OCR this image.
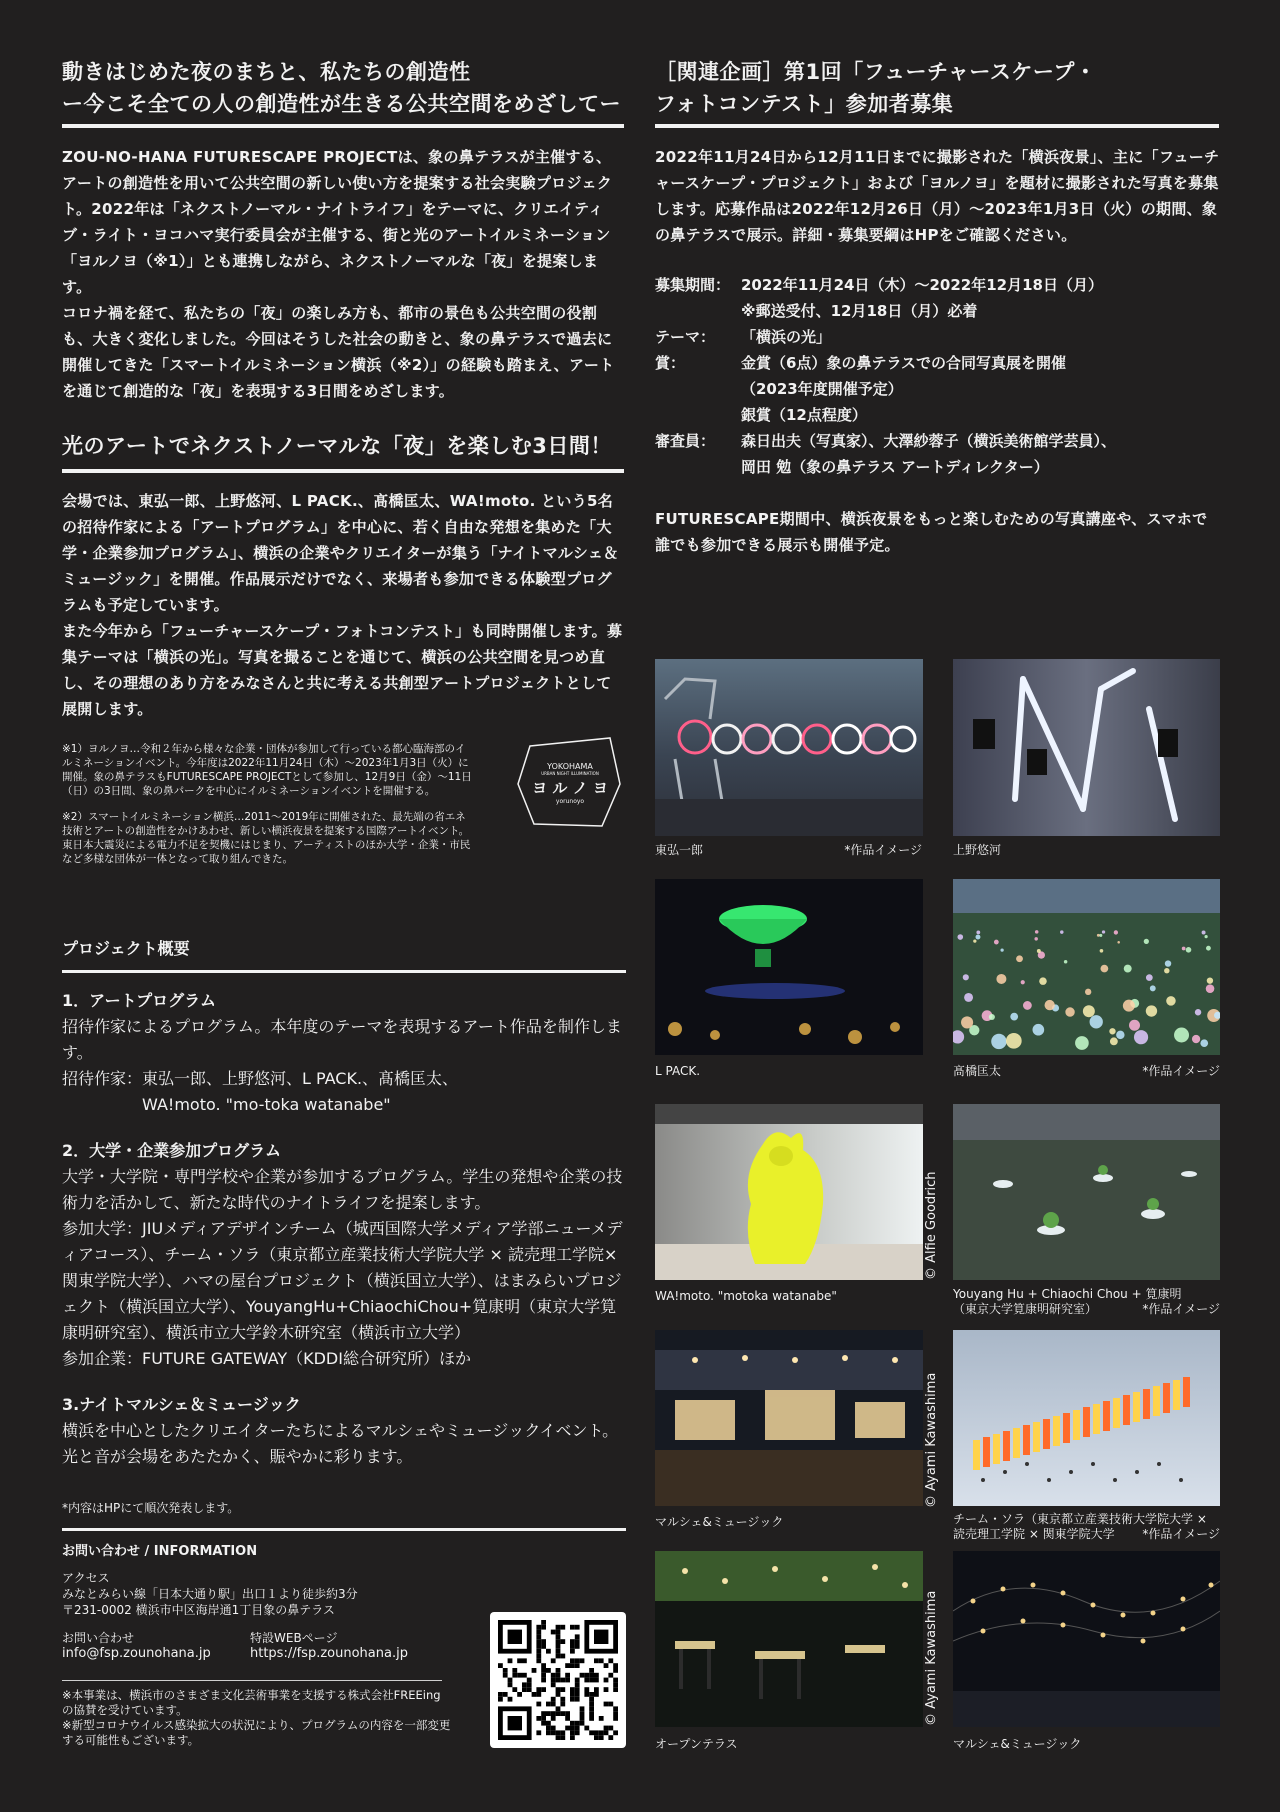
動きはじめた夜のまちと、私たちの創造性
ー今こそ全ての人の創造性が生きる公共空間をめざしてー

ZOU-NO-HANA FUTURESCAPE PROJECTは、象の鼻テラスが主催する、アートの創造性を用いて公共空間の新しい使い方を提案する社会実験プロジェクト。2022年は「ネクストノーマル・ナイトライフ」をテーマに、クリエイティブ・ライト・ヨコハマ実行委員会が主催する、街と光のアートイルミネーション「ヨルノヨ（※1）」とも連携しながら、ネクストノーマルな「夜」を提案します。

コロナ禍を経て、私たちの「夜」の楽しみ方も、都市の景色も公共空間の役割も、大きく変化しました。今回はそうした社会の動きと、象の鼻テラスで過去に開催してきた「スマートイルミネーション横浜（※2）」の経験も踏まえ、アートを通じて創造的な「夜」を表現する3日間をめざします。

光のアートでネクストノーマルな「夜」を楽しむ3日間！

会場では、東弘一郎、上野悠河、L PACK.、髙橋匡太、WA!moto. という5名の招待作家による「アートプログラム」を中心に、若く自由な発想を集めた「大学・企業参加プログラム」、横浜の企業やクリエイターが集う「ナイトマルシェ＆ミュージック」を開催。作品展示だけでなく、来場者も参加できる体験型プログラムも予定しています。

また今年から「フューチャースケープ・フォトコンテスト」も同時開催します。募集テーマは「横浜の光」。写真を撮ることを通じて、横浜の公共空間を見つめ直し、その理想のあり方をみなさんと共に考える共創型アートプロジェクトとして展開します。

※1）ヨルノヨ…令和２年から様々な企業・団体が参加して行っている都心臨海部のイルミネーションイベント。今年度は2022年11月24日（木）〜2023年1月3日（火）に開催。象の鼻テラスもFUTURESCAPE PROJECTとして参加し、12月9日（金）〜11日（日）の3日間、象の鼻パークを中心にイルミネーションイベントを開催する。

※2）スマートイルミネーション横浜…2011〜2019年に開催された、最先端の省エネ技術とアートの創造性をかけあわせ、新しい横浜夜景を提案する国際アートイベント。東日本大震災による電力不足を契機にはじまり、アーティストのほか大学・企業・市民など多様な団体が一体となって取り組んできた。

YOKOHAMA
URBAN NIGHT ILLUMINATION
ヨ ル ノ ヨ
yorunoyo
プロジェクト概要
1．アートプログラム
招待作家によるプログラム。本年度のテーマを表現するアート作品を制作します。
招待作家： 東弘一郎、上野悠河、L PACK.、髙橋匡太、
WA!moto. "mo-toka watanabe"
2．大学・企業参加プログラム
大学・大学院・専門学校や企業が参加するプログラム。学生の発想や企業の技術力を活かして、新たな時代のナイトライフを提案します。
参加大学：JIUメディアデザインチーム（城西国際大学メディア学部ニューメディアコース）、チーム・ソラ（東京都立産業技術大学院大学 × 読売理工学院×関東学院大学）、ハマの屋台プロジェクト（横浜国立大学）、はまみらいプロジェクト（横浜国立大学）、YouyangHu+ChiaochiChou+筧康明（東京大学筧康明研究室）、横浜市立大学鈴木研究室（横浜市立大学）
参加企業：FUTURE GATEWAY（KDDI総合研究所）ほか
3.ナイトマルシェ＆ミュージック
横浜を中心としたクリエイターたちによるマルシェやミュージックイベント。光と音が会場をあたたかく、賑やかに彩ります。
*内容はHPにて順次発表します。
お問い合わせ / INFORMATION

アクセス

みなとみらい線「日本大通り駅」出口１より徒歩約3分

〒231-0002 横浜市中区海岸通1丁目象の鼻テラス

お問い合わせ

info@fsp.zounohana.jp

特設WEBページ

https://fsp.zounohana.jp

※本事業は、横浜市のさまざま文化芸術事業を支援する株式会社FREEingの協賛を受けています。

※新型コロナウイルス感染拡大の状況により、プログラムの内容を一部変更する可能性もございます。

［関連企画］第1回「フューチャースケープ・
フォトコンテスト」参加者募集
2022年11月24日から12月11日までに撮影された「横浜夜景」、主に「フューチャースケープ・プロジェクト」および「ヨルノヨ」を題材に撮影された写真を募集します。応募作品は2022年12月26日（月）〜2023年1月3日（火）の期間、象の鼻テラスで展示。詳細・募集要綱はHPをご確認ください。
募集期間： 2022年11月24日（木）〜2022年12月18日（月）
※郵送受付、12月18日（月）必着
テーマ：	「横浜の光」
賞：	金賞（6点）象の鼻テラスでの合同写真展を開催
（2023年度開催予定）
銀賞（12点程度）
審査員：	森日出夫（写真家）、大澤紗蓉子（横浜美術館学芸員）、
岡田 勉（象の鼻テラス アートディレクター）
FUTURESCAPE期間中、横浜夜景をもっと楽しむための写真講座や、スマホで誰でも参加できる展示も開催予定。
東弘一郎	*作品イメージ	上野悠河
L PACK.	髙橋匡太	*作品イメージ
© Alfie Goodrich
WA!moto. "motoka watanabe"	Youyang Hu + Chiaochi Chou + 筧康明
（東京大学筧康明研究室）	*作品イメージ
© Ayami Kawashima
マルシェ&ミュージック	チーム・ソラ（東京都立産業技術大学院大学 ×
読売理工学院 × 関東学院大学	*作品イメージ
© Ayami Kawashima
オープンテラス	マルシェ&ミュージック
